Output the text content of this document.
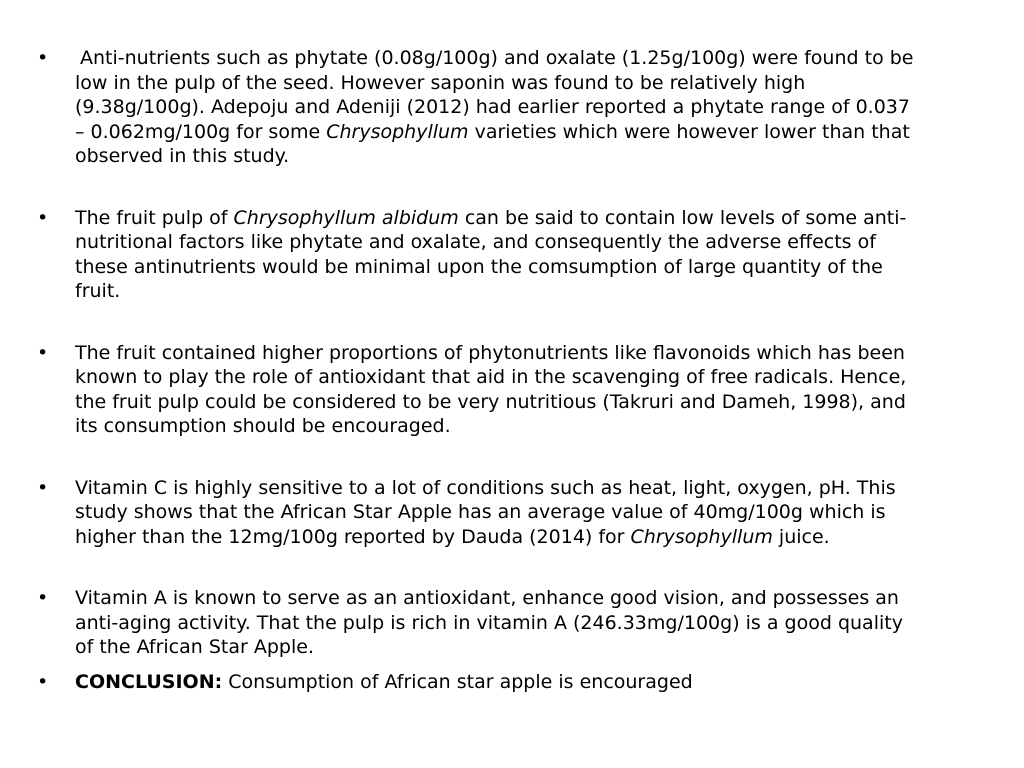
• Anti-nutrients such as phytate (0.08g/100g) and oxalate (1.25g/100g) were found to be low in the pulp of the seed. However saponin was found to be relatively high (9.38g/100g). Adepoju and Adeniji (2012) had earlier reported a phytate range of 0.037 – 0.062mg/100g for some Chrysophyllum varieties which were however lower than that observed in this study.
• The fruit pulp of Chrysophyllum albidum can be said to contain low levels of some anti-nutritional factors like phytate and oxalate, and consequently the adverse effects of these antinutrients would be minimal upon the comsumption of large quantity of the fruit.
• The fruit contained higher proportions of phytonutrients like flavonoids which has been known to play the role of antioxidant that aid in the scavenging of free radicals. Hence, the fruit pulp could be considered to be very nutritious (Takruri and Dameh, 1998), and its consumption should be encouraged.
• Vitamin C is highly sensitive to a lot of conditions such as heat, light, oxygen, pH. This study shows that the African Star Apple has an average value of 40mg/100g which is higher than the 12mg/100g reported by Dauda (2014) for Chrysophyllum juice.
• Vitamin A is known to serve as an antioxidant, enhance good vision, and possesses an anti-aging activity. That the pulp is rich in vitamin A (246.33mg/100g) is a good quality of the African Star Apple.
• CONCLUSION: Consumption of African star apple is encouraged
